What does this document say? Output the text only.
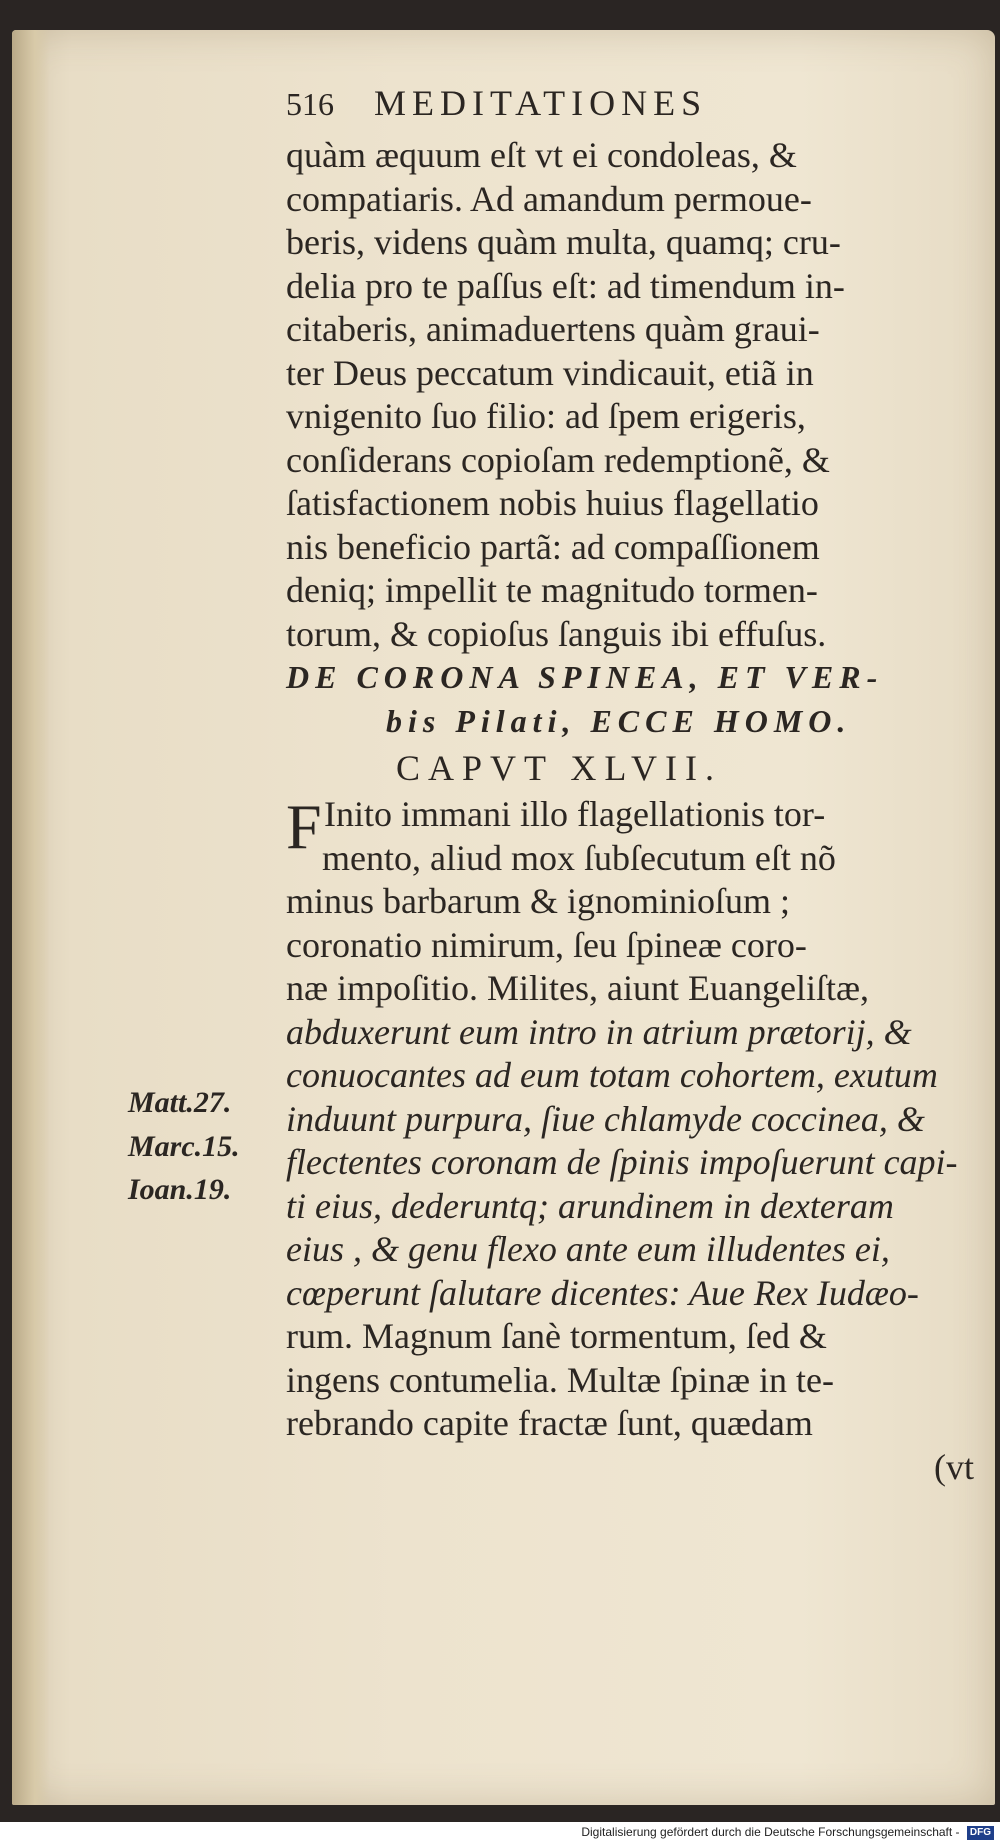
516 MEDITATIONES
quàm æquum eſt vt ei condoleas, &
compatiaris. Ad amandum permoue-
beris, videns quàm multa, quamq; cru-
delia pro te paſſus eſt: ad timendum in-
citaberis, animaduertens quàm graui-
ter Deus peccatum vindicauit, etiã in
vnigenito ſuo filio: ad ſpem erigeris,
conſiderans copioſam redemptionẽ, &
ſatisfactionem nobis huius flagellatio
nis beneficio partã: ad compaſſionem
deniq; impellit te magnitudo tormen-
torum, & copioſus ſanguis ibi effuſus.
DE CORONA SPINEA, ET VER-
bis Pilati, ECCE HOMO.
CAPVT XLVII.
F Inito immani illo flagellationis tor-
mento, aliud mox ſubſecutum eſt nõ
minus barbarum & ignominioſum ;
coronatio nimirum, ſeu ſpineæ coro-
næ impoſitio. Milites, aiunt Euangeliſtæ,
abduxerunt eum intro in atrium prætorij, &
conuocantes ad eum totam cohortem, exutum
induunt purpura, ſiue chlamyde coccinea, &
flectentes coronam de ſpinis impoſuerunt capi-
ti eius, dederuntq; arundinem in dexteram
eius , & genu flexo ante eum illudentes ei,
cœperunt ſalutare dicentes: Aue Rex Iudæo-
rum. Magnum ſanè tormentum, ſed &
ingens contumelia. Multæ ſpinæ in te-
rebrando capite fractæ ſunt, quædam
(vt
Matt.27.
Marc.15.
Ioan.19.
Digitalisierung gefördert durch die Deutsche Forschungsgemeinschaft - DFG
